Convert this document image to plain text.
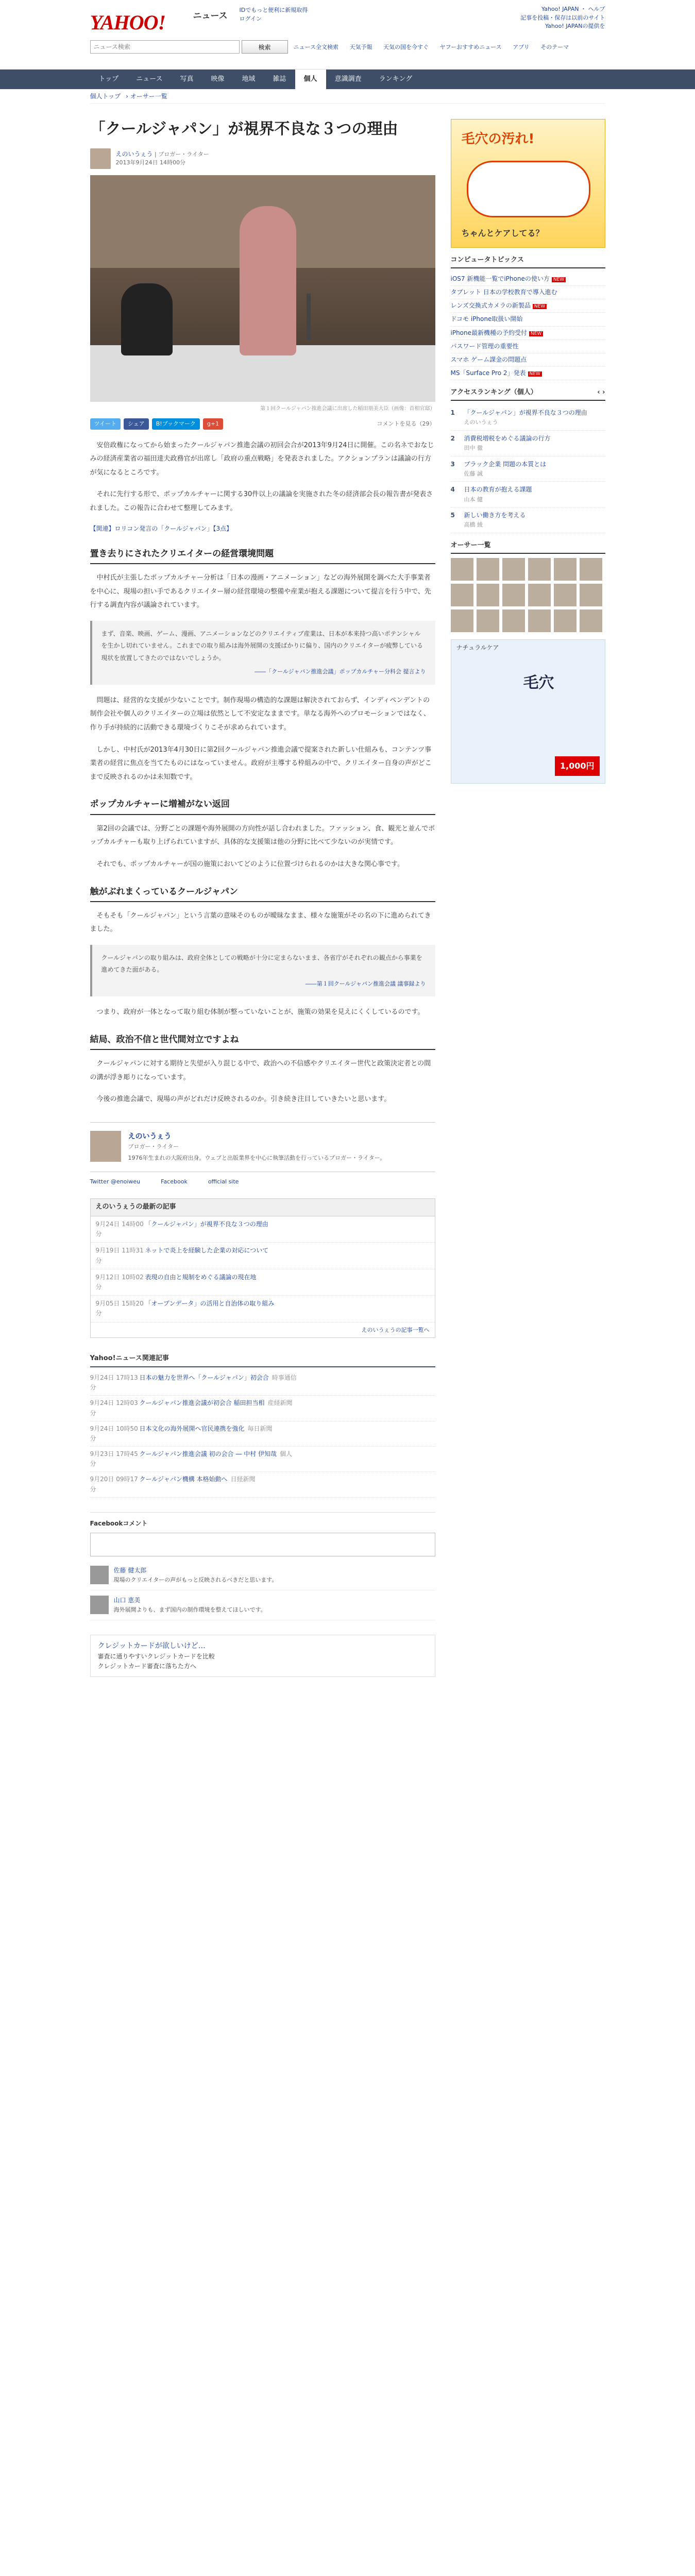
YAHOO!	ニュース
IDでもっと便利に新規取得
ログイン
Yahoo! JAPAN ・ ヘルプ
記事を投稿・保存は以前のサイト
Yahoo! JAPANの提供を
ニュース検索
検索	ニュース全文検索 天気予報 天気の国を今すぐ ヤフーおすすめニュース アプリ そのテーマ
トップ	ニュース	写真	映像	地域	雑誌	個人	意識調査	ランキング
個人トップ › オーサー一覧
「クールジャパン」が視界不良な３つの理由
えのいうぇう | ブロガー・ライター
2013年9月24日 14時00分
第１回クールジャパン推進会議に出席した稲田朋美大臣（画像：首相官邸）
ツイート	シェア	B!ブックマーク	g+1	コメントを見る（29）

安倍政権になってから始まったクールジャパン推進会議の初回会合が2013年9月24日に開催。この名ネでおなじみの経済産業省の福田達夫政務官が出席し「政府の重点戦略」を発表されました。アクションプランは議論の行方が気になるところです。

それに先行する形で、ポップカルチャーに関する30件以上の議論を実施された冬の経済部会長の報告書が発表されました。この報告に合わせて整理してみます。

【関連】ロリコン発言の「クールジャパン」【3点】
置き去りにされたクリエイターの経営環境問題

中村氏が主張したポップカルチャー分析は「日本の漫画・アニメーション」などの海外展開を調べた大手事業者を中心に、現場の担い手であるクリエイター層の経営環境の整備や産業が抱える課題について提言を行う中で、先行する調査内容が議論されています。

まず、音楽、映画、ゲーム、漫画、アニメーションなどのクリエイティブ産業は、日本が本来持つ高いポテンシャルを生かし切れていません。これまでの取り組みは海外展開の支援ばかりに偏り、国内のクリエイターが疲弊している現状を放置してきたのではないでしょうか。
――「クールジャパン推進会議」ポップカルチャー分科会 提言より

問題は、経営的な支援が少ないことです。制作現場の構造的な課題は解決されておらず、インディペンデントの制作会社や個人のクリエイターの立場は依然として不安定なままです。単なる海外へのプロモーションではなく、作り手が持続的に活動できる環境づくりこそが求められています。

しかし、中村氏が2013年4月30日に第2回クールジャパン推進会議で提案された新しい仕組みも、コンテンツ事業者の経営に焦点を当てたものにはなっていません。政府が主導する枠組みの中で、クリエイター自身の声がどこまで反映されるのかは未知数です。

ポップカルチャーに増補がない返回

第2回の会議では、分野ごとの課題や海外展開の方向性が話し合われました。ファッション、食、観光と並んでポップカルチャーも取り上げられていますが、具体的な支援策は他の分野に比べて少ないのが実情です。

それでも、ポップカルチャーが国の施策においてどのように位置づけられるのかは大きな関心事です。

触がぶれまくっているクールジャパン

そもそも「クールジャパン」という言葉の意味そのものが曖昧なまま、様々な施策がその名の下に進められてきました。

クールジャパンの取り組みは、政府全体としての戦略が十分に定まらないまま、各省庁がそれぞれの観点から事業を進めてきた面がある。
――第１回クールジャパン推進会議 議事録より

つまり、政府が一体となって取り組む体制が整っていないことが、施策の効果を見えにくくしているのです。

結局、政治不信と世代間対立ですよね

クールジャパンに対する期待と失望が入り混じる中で、政治への不信感やクリエイター世代と政策決定者との間の溝が浮き彫りになっています。

今後の推進会議で、現場の声がどれだけ反映されるのか。引き続き注目していきたいと思います。

えのいうぇう
ブロガー・ライター
1976年生まれの大阪府出身。ウェブと出版業界を中心に執筆活動を行っているブロガー・ライター。
Twitter @enoiweu	Facebook	official site
えのいうぇうの最新の記事
9月24日 14時00分
「クールジャパン」が視界不良な３つの理由
9月19日 11時31分
ネットで炎上を経験した企業の対応について
9月12日 10時02分
表現の自由と規制をめぐる議論の現在地
9月05日 15時20分
「オープンデータ」の活用と自治体の取り組み
えのいうぇうの記事一覧へ
Yahoo!ニュース関連記事
9月24日 17時13分
日本の魅力を世界へ「クールジャパン」初会合 時事通信
9月24日 12時03分
クールジャパン推進会議が初会合 稲田担当相 産経新聞
9月24日 10時50分
日本文化の海外展開へ官民連携を強化 毎日新聞
9月23日 17時45分
クールジャパン推進会議 初の会合 ― 中村 伊知哉 個人
9月20日 09時17分
クールジャパン機構 本格始動へ 日経新聞
Facebookコメント
佐藤 健太郎
現場のクリエイターの声がもっと反映されるべきだと思います。
山口 恵美
海外展開よりも、まず国内の制作環境を整えてほしいです。
クレジットカードが欲しいけど…
審査に通りやすいクレジットカードを比較
クレジットカード審査に落ちた方へ
毛穴の汚れ!
ちゃんとケアしてる？
コンピュータトピックス
iOS7 新機能一覧でiPhoneの使い方 NEW
タブレット 日本の学校教育で導入進む
レンズ交換式カメラの新製品 NEW
ドコモ iPhone取扱い開始
iPhone最新機種の予約受付 NEW
パスワード管理の重要性
スマホ ゲーム課金の問題点
MS「Surface Pro 2」発表 NEW
アクセスランキング（個人）	‹ ›
1	「クールジャパン」が視界不良な３つの理由
えのいうぇう
2	消費税増税をめぐる議論の行方
田中 徹
3	ブラック企業 問題の本質とは
佐藤 誠
4	日本の教育が抱える課題
山本 健
5	新しい働き方を考える
高橋 綾
オーサー一覧
ナチュラルケア
毛穴
1,000円
